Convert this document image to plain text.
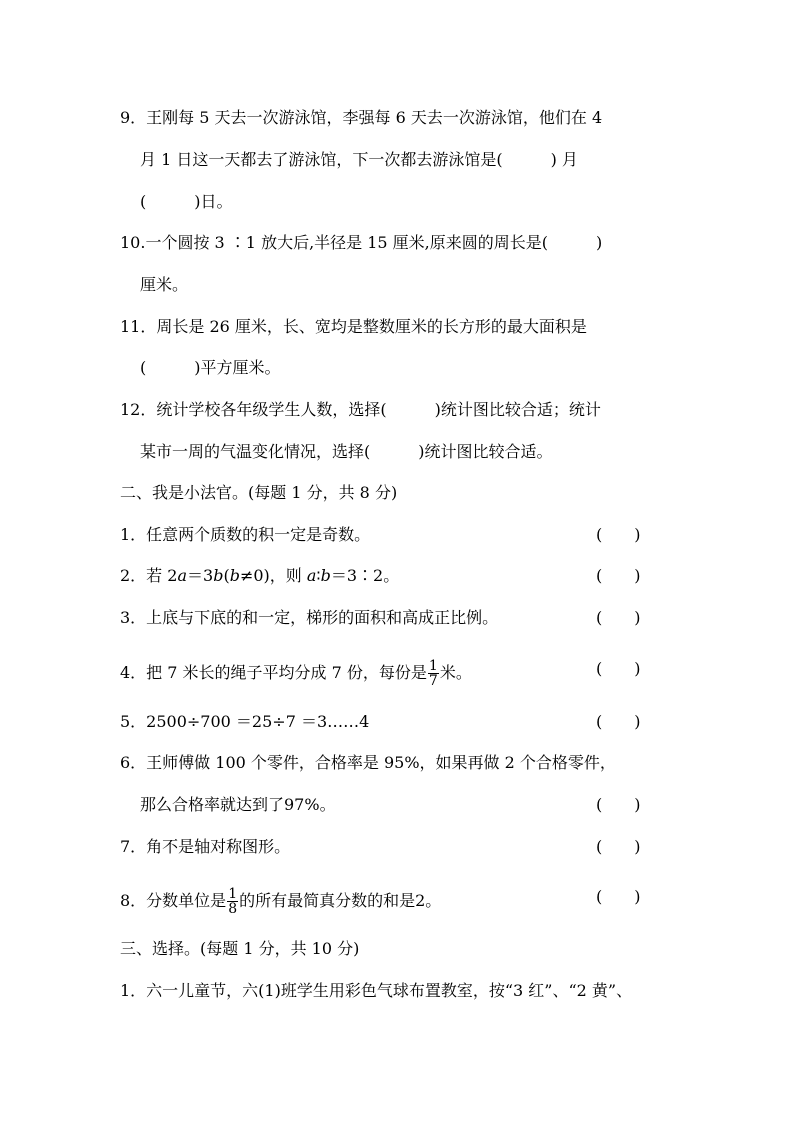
9．王刚每 5 天去一次游泳馆，李强每 6 天去一次游泳馆，他们在 4
月 1 日这一天都去了游泳馆，下一次都去游泳馆是(　　　) 月
(　　　)日。
10.一个圆按 3 ∶1 放大后,半径是 15 厘米,原来圆的周长是(　　　)
厘米。
11．周长是 26 厘米，长、宽均是整数厘米的长方形的最大面积是
(　　　)平方厘米。
12．统计学校各年级学生人数，选择(　　　)统计图比较合适；统计
某市一周的气温变化情况，选择(　　　)统计图比较合适。
二、我是小法官。(每题 1 分，共 8 分)
1．任意两个质数的积一定是奇数。	(　　)
2．若 2a＝3b(b≠0)，则 a∶b＝3∶2。	(　　)
3．上底与下底的和一定，梯形的面积和高成正比例。	(　　)
4．把 7 米长的绳子平均分成 7 份，每份是 $\frac{1}{7}$ 米。	(　　)
5．2500÷700 ＝25÷7 ＝3……4	(　　)
6．王师傅做 100 个零件，合格率是 95%，如果再做 2 个合格零件，
那么合格率就达到了97%。	(　　)
7．角不是轴对称图形。	(　　)
8．分数单位是 $\frac{1}{8}$ 的所有最简真分数的和是2。	(　　)
三、选择。(每题 1 分，共 10 分)
1．六一儿童节，六(1)班学生用彩色气球布置教室，按“3 红”、“2 黄”、
